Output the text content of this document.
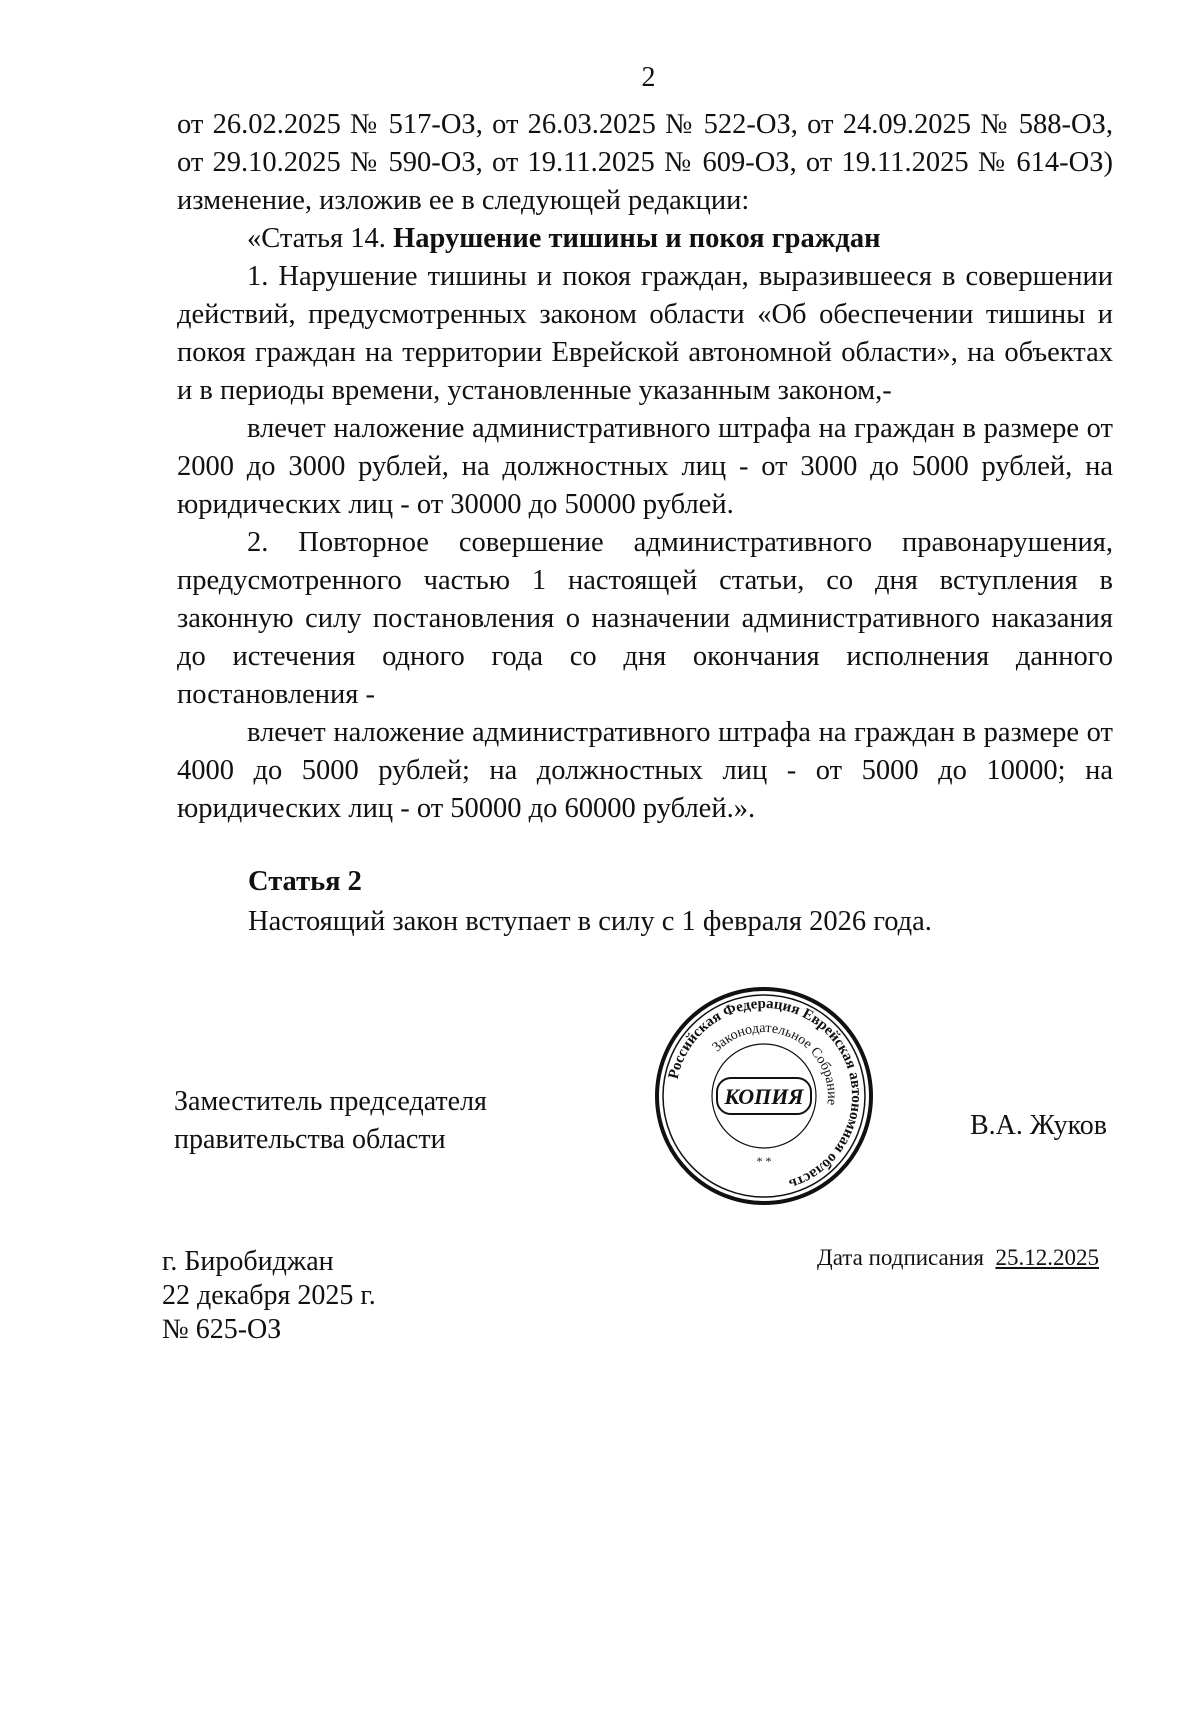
2

от 26.02.2025 № 517-ОЗ, от 26.03.2025 № 522-ОЗ, от 24.09.2025 № 588-ОЗ, от 29.10.2025 № 590-ОЗ, от 19.11.2025 № 609-ОЗ, от 19.11.2025 № 614-ОЗ) изменение, изложив ее в следующей редакции:

«Статья 14. Нарушение тишины и покоя граждан

1. Нарушение тишины и покоя граждан, выразившееся в совершении действий, предусмотренных законом области «Об обеспечении тишины и покоя граждан на территории Еврейской автономной области», на объектах и в периоды времени, установленные указанным законом,-

влечет наложение административного штрафа на граждан в размере от 2000 до 3000 рублей, на должностных лиц - от 3000 до 5000 рублей, на юридических лиц - от 30000 до 50000 рублей.

2. Повторное совершение административного правонарушения, предусмотренного частью 1 настоящей статьи, со дня вступления в законную силу постановления о назначении административного наказания до истечения одного года со дня окончания исполнения данного постановления -

влечет наложение административного штрафа на граждан в размере от 4000 до 5000 рублей; на должностных лиц - от 5000 до 10000; на юридических лиц - от 50000 до 60000 рублей.».

Статья 2
Настоящий закон вступает в силу с 1 февраля 2026 года.
Заместитель председателя
правительства области
Российская Федерация Еврейская автономная область
Законодательное Собрание
КОПИЯ
* *
В.А. Жуков
г. Биробиджан
22 декабря 2025 г.
№ 625-ОЗ
Дата подписания 25.12.2025
